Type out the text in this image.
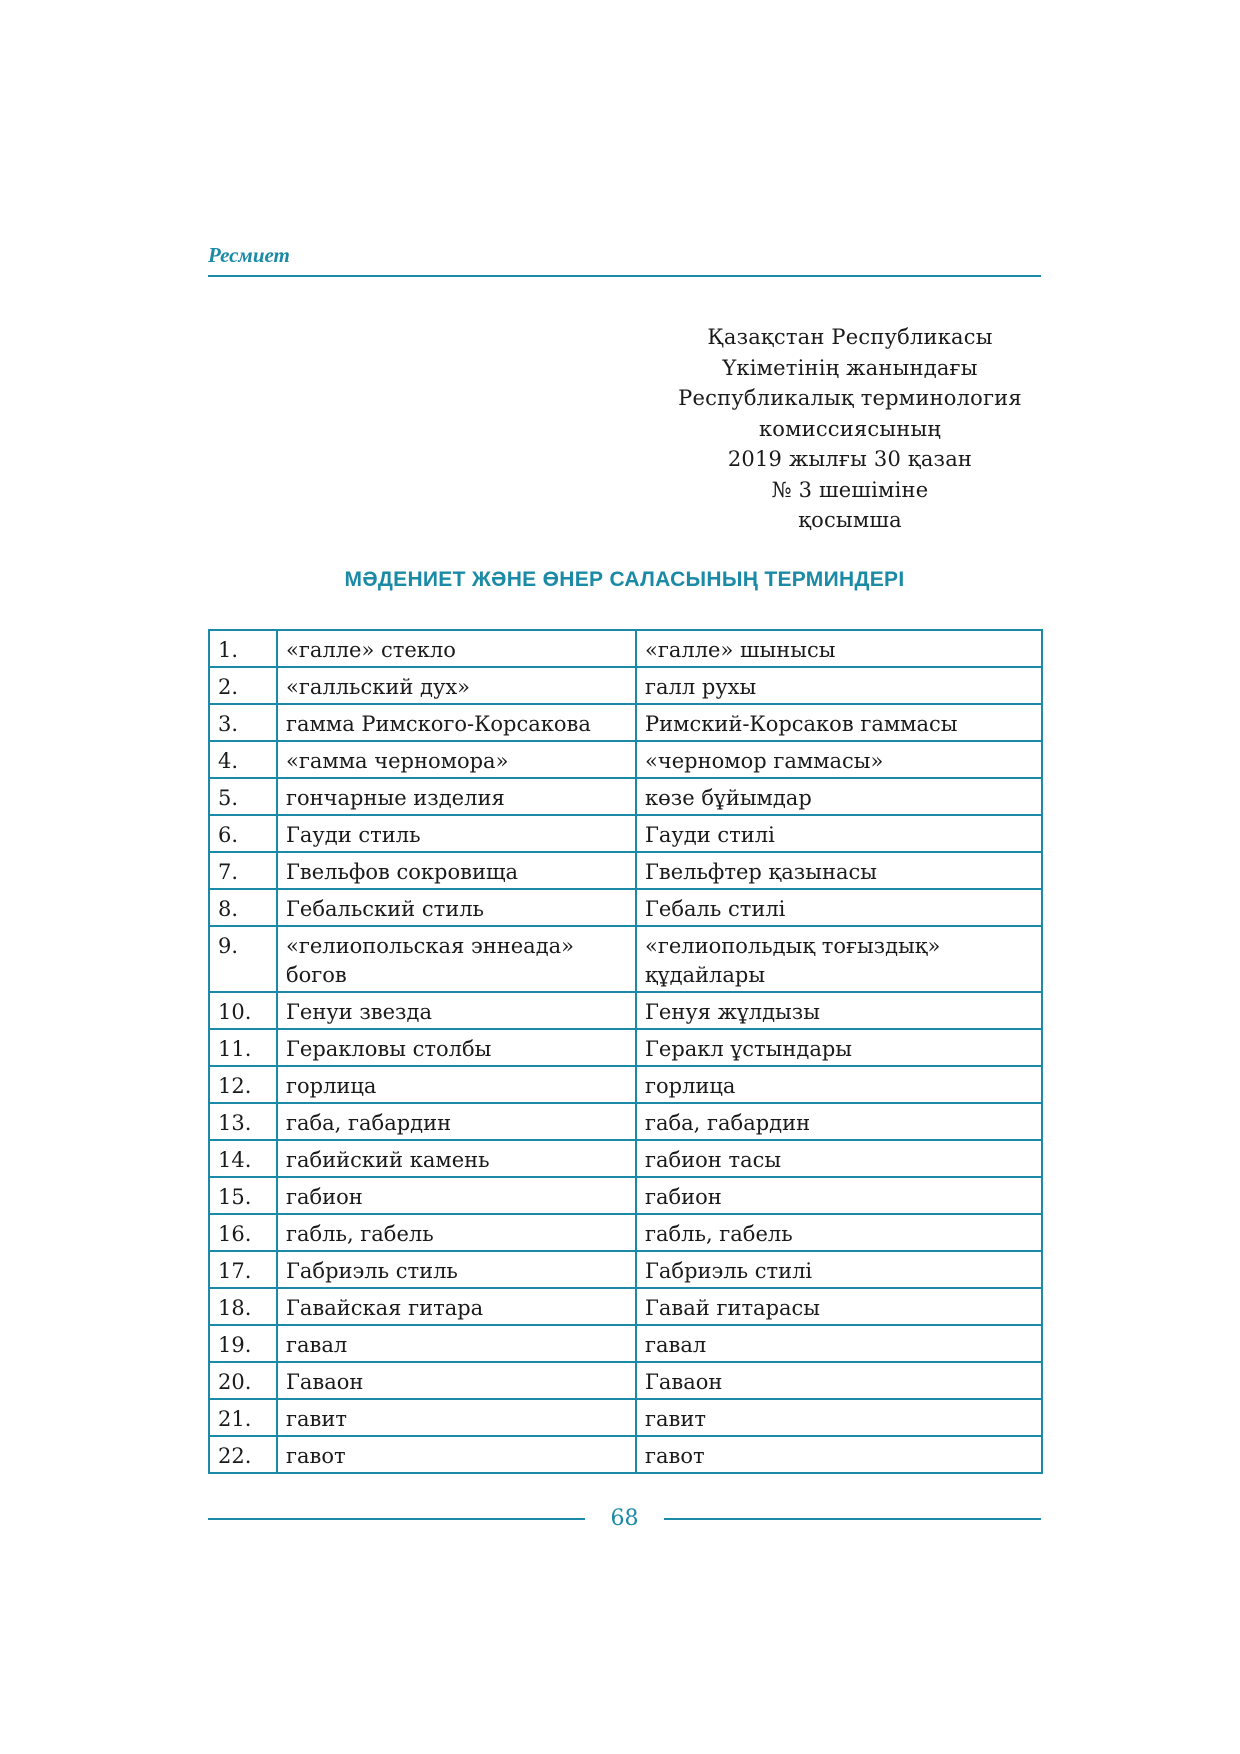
Ресмиет
Қазақстан Республикасы
Үкіметінің жанындағы
Республикалық терминология
комиссиясының
2019 жылғы 30 қазан
№ 3 шешіміне
қосымша
МӘДЕНИЕТ ЖӘНЕ ӨНЕР САЛАСЫНЫҢ ТЕРМИНДЕРІ
1.	«галле» стекло	«галле» шынысы
2.	«галльский дух»	галл рухы
3.	гамма Римского-Корсакова	Римский-Корсаков гаммасы
4.	«гамма черномора»	«черномор гаммасы»
5.	гончарные изделия	көзе бұйымдар
6.	Гауди стиль	Гауди стилі
7.	Гвельфов сокровища	Гвельфтер қазынасы
8.	Гебальский стиль	Гебаль стилі
9.	«гелиопольская эннеада» богов	«гелиопольдық тоғыздық» құдайлары
10.	Генуи звезда	Генуя жұлдызы
11.	Геракловы столбы	Геракл ұстындары
12.	горлица	горлица
13.	габа, габардин	габа, габардин
14.	габийский камень	габион тасы
15.	габион	габион
16.	габль, габель	габль, габель
17.	Габриэль стиль	Габриэль стилі
18.	Гавайская гитара	Гавай гитарасы
19.	гавал	гавал
20.	Гаваон	Гаваон
21.	гавит	гавит
22.	гавот	гавот
68
